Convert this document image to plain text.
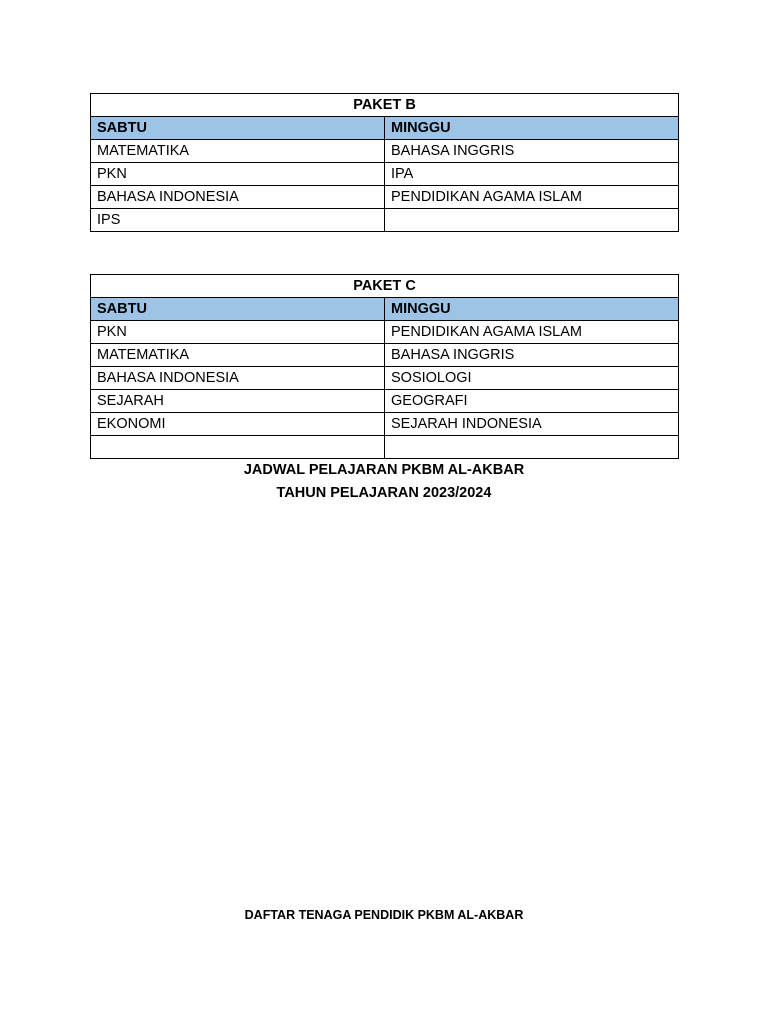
PAKET B	
SABTU	MINGGU
MATEMATIKA	BAHASA INGGRIS
PKN	IPA
BAHASA INDONESIA	PENDIDIKAN AGAMA ISLAM
IPS	
PAKET C	
SABTU	MINGGU
PKN	PENDIDIKAN AGAMA ISLAM
MATEMATIKA	BAHASA INGGRIS
BAHASA INDONESIA	SOSIOLOGI
SEJARAH	GEOGRAFI
EKONOMI	SEJARAH INDONESIA

JADWAL PELAJARAN PKBM AL-AKBAR
TAHUN PELAJARAN 2023/2024
DAFTAR TENAGA PENDIDIK PKBM AL-AKBAR
